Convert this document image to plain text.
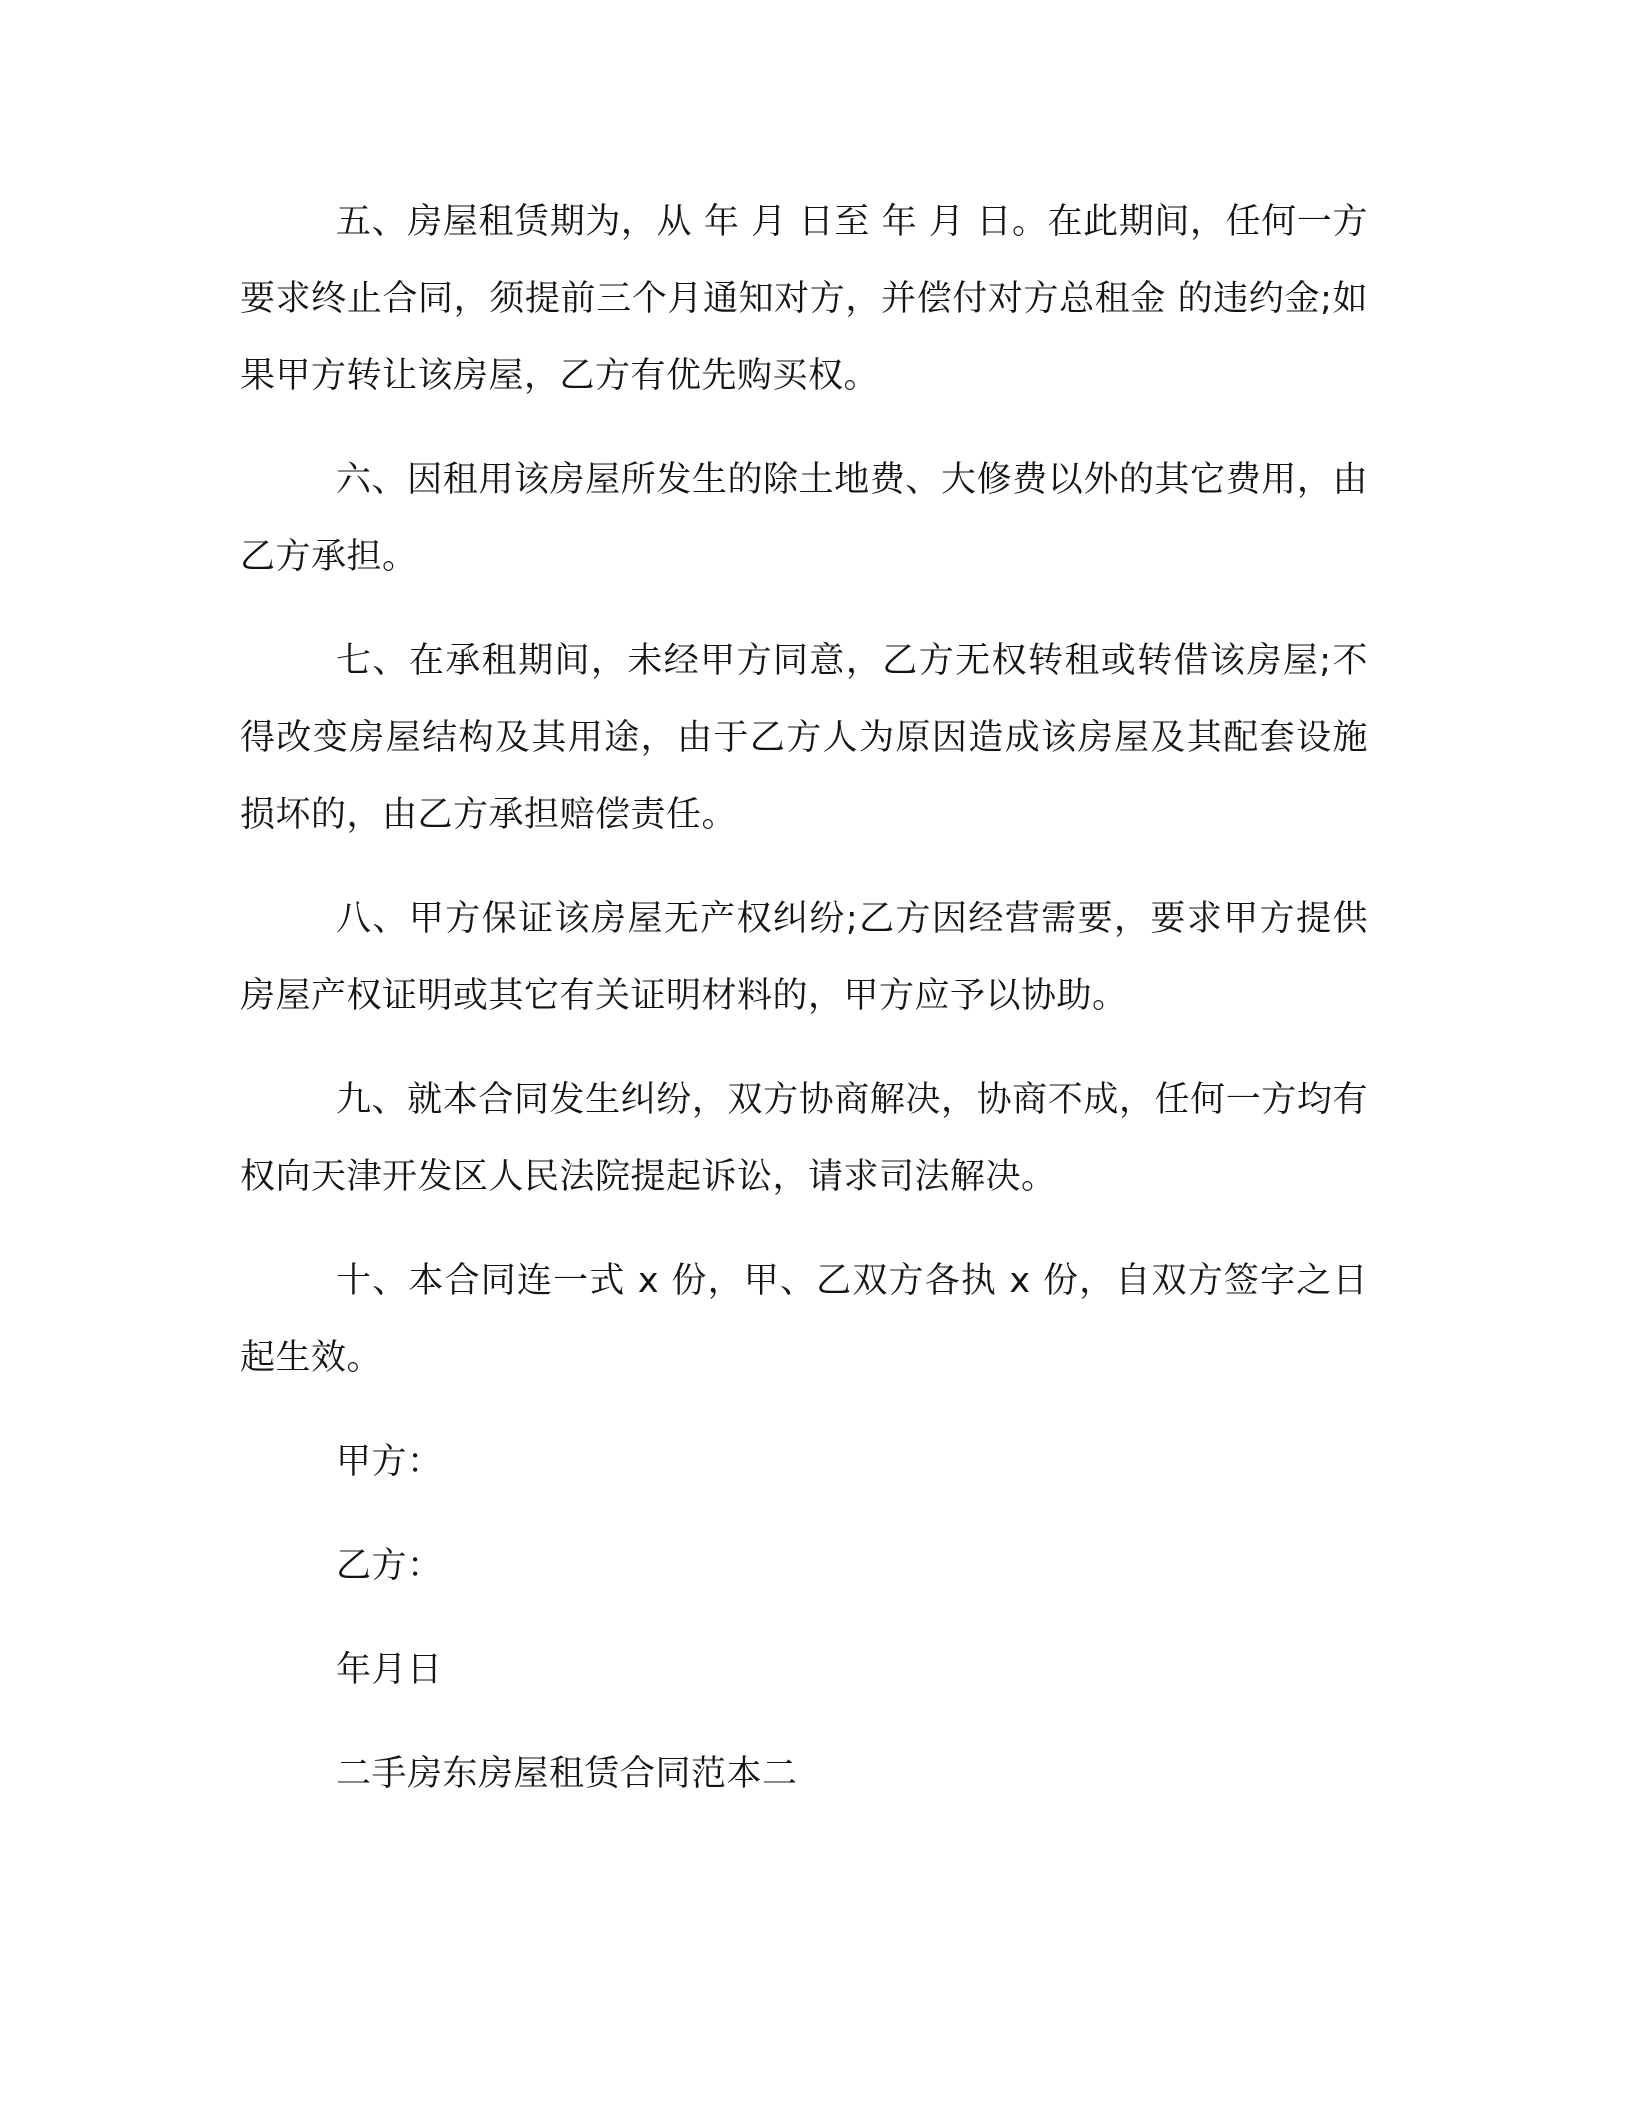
五、房屋租赁期为，从 年 月 日至 年 月 日。在此期间，任何一方要求终止合同，须提前三个月通知对方，并偿付对方总租金 的违约金;如果甲方转让该房屋，乙方有优先购买权。

六、因租用该房屋所发生的除土地费、大修费以外的其它费用，由乙方承担。

七、在承租期间，未经甲方同意，乙方无权转租或转借该房屋;不得改变房屋结构及其用途，由于乙方人为原因造成该房屋及其配套设施损坏的，由乙方承担赔偿责任。

八、甲方保证该房屋无产权纠纷;乙方因经营需要，要求甲方提供房屋产权证明或其它有关证明材料的，甲方应予以协助。

九、就本合同发生纠纷，双方协商解决，协商不成，任何一方均有权向天津开发区人民法院提起诉讼，请求司法解决。

十、本合同连一式 x 份，甲、乙双方各执 x 份，自双方签字之日起生效。

甲方：

乙方：

年月日

二手房东房屋租赁合同范本二
